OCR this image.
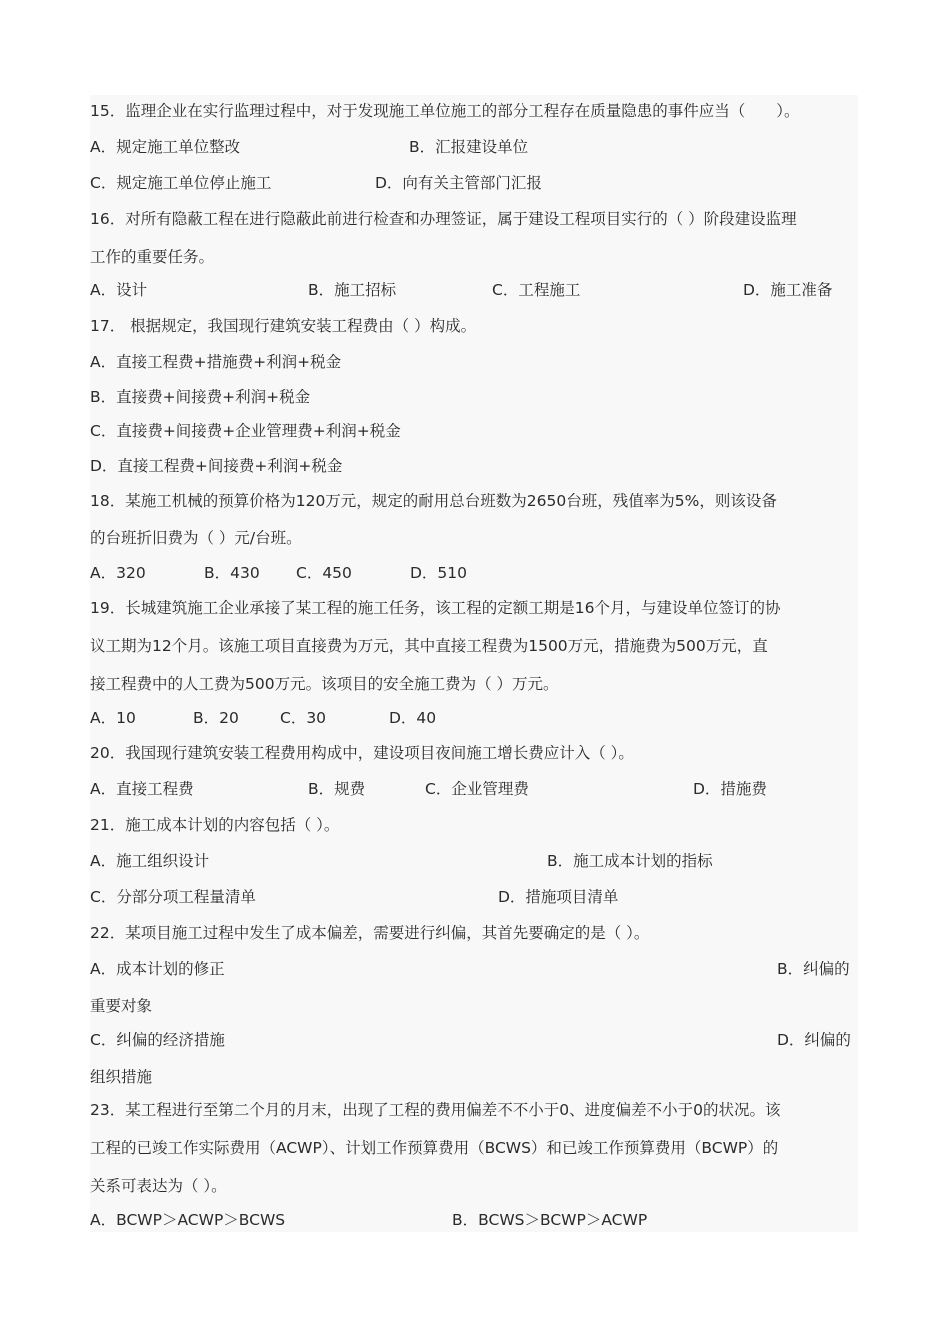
15．监理企业在实行监理过程中，对于发现施工单位施工的部分工程存在质量隐患的事件应当（　　）。
A．规定施工单位整改	B．汇报建设单位
C．规定施工单位停止施工	D．向有关主管部门汇报
16．对所有隐蔽工程在进行隐蔽此前进行检查和办理签证，属于建设工程项目实行的（ ）阶段建设监理
工作的重要任务。
A．设计	B．施工招标	C．工程施工	D．施工准备
17． 根据规定，我国现行建筑安装工程费由（ ）构成。
A．直接工程费+措施费+利润+税金
B．直接费+间接费+利润+税金
C．直接费+间接费+企业管理费+利润+税金
D．直接工程费+间接费+利润+税金
18．某施工机械的预算价格为120万元，规定的耐用总台班数为2650台班，残值率为5%，则该设备
的台班折旧费为（ ）元/台班。
A．320	B．430 C．450	D．510
19．长城建筑施工企业承接了某工程的施工任务，该工程的定额工期是16个月，与建设单位签订的协
议工期为12个月。该施工项目直接费为万元，其中直接工程费为1500万元，措施费为500万元，直
接工程费中的人工费为500万元。该项目的安全施工费为（ ）万元。
A．10	B．20	C．30	D．40
20．我国现行建筑安装工程费用构成中，建设项目夜间施工增长费应计入（ ）。
A．直接工程费	B．规费	C．企业管理费	D．措施费
21．施工成本计划的内容包括（ ）。
A．施工组织设计	B．施工成本计划的指标
C．分部分项工程量清单	D．措施项目清单
22．某项目施工过程中发生了成本偏差，需要进行纠偏，其首先要确定的是（ ）。
A．成本计划的修正	B．纠偏的
重要对象
C．纠偏的经济措施	D．纠偏的
组织措施
23．某工程进行至第二个月的月末，出现了工程的费用偏差不不小于0、进度偏差不小于0的状况。该
工程的已竣工作实际费用（ACWP）、计划工作预算费用（BCWS）和已竣工作预算费用（BCWP）的
关系可表达为（ ）。
A．BCWP＞ACWP＞BCWS	B．BCWS＞BCWP＞ACWP
